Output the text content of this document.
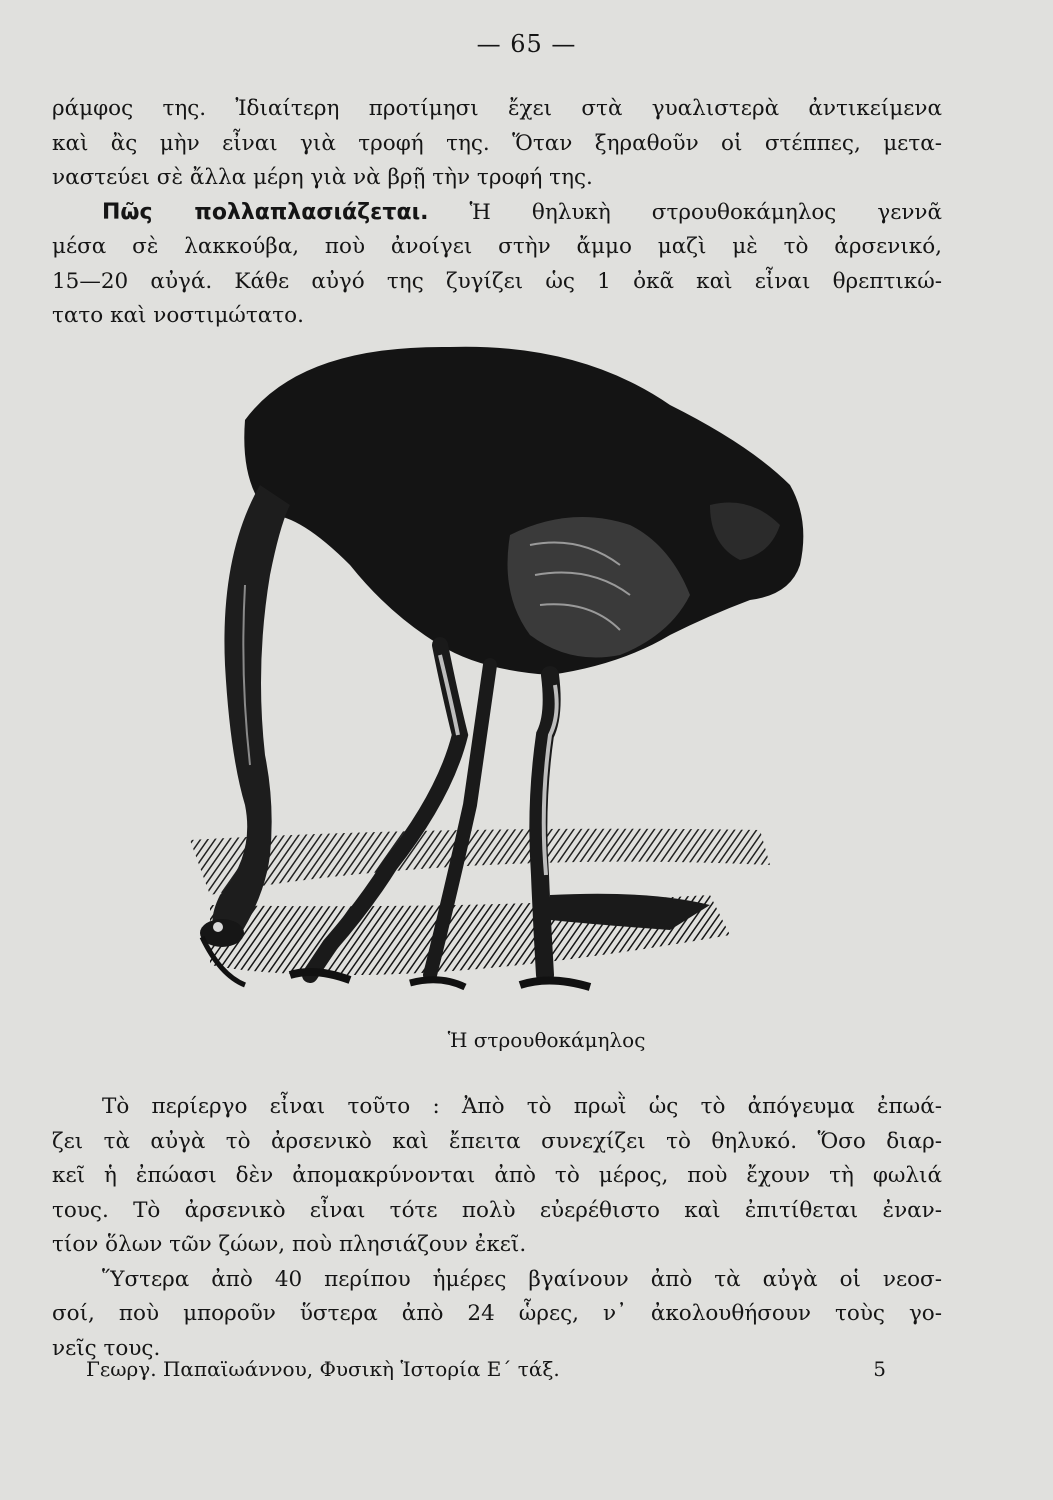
— 65 —
ράμφος της. Ἰδιαίτερη προτίμησι ἔχει στὰ γυαλιστερὰ ἀντικείμενα
καὶ ἂς μὴν εἶναι γιὰ τροφή της. Ὅταν ξηραθοῦν οἱ στέππες, μετα-
ναστεύει σὲ ἄλλα μέρη γιὰ νὰ βρῇ τὴν τροφή της.
Πῶς πολλαπλασιάζεται. Ἡ θηλυκὴ στρουθοκάμηλος γεννᾶ
μέσα σὲ λακκούβα, ποὺ ἀνοίγει στὴν ἄμμο μαζὶ μὲ τὸ ἀρσενικό,
15—20 αὐγά. Κάθε αὐγό της ζυγίζει ὡς 1 ὀκᾶ καὶ εἶναι θρεπτικώ-
τατο καὶ νοστιμώτατο.
Ἡ στρουθοκάμηλος
Τὸ περίεργο εἶναι τοῦτο : Ἀπὸ τὸ πρωῒ ὡς τὸ ἀπόγευμα ἐπωά-
ζει τὰ αὐγὰ τὸ ἀρσενικὸ καὶ ἔπειτα συνεχίζει τὸ θηλυκό. Ὅσο διαρ-
κεῖ ἡ ἐπώασι δὲν ἀπομακρύνονται ἀπὸ τὸ μέρος, ποὺ ἔχουν τὴ φωλιά
τους. Τὸ ἀρσενικὸ εἶναι τότε πολὺ εὐερέθιστο καὶ ἐπιτίθεται ἐναν-
τίον ὅλων τῶν ζώων, ποὺ πλησιάζουν ἐκεῖ.
Ὕστερα ἀπὸ 40 περίπου ἡμέρες βγαίνουν ἀπὸ τὰ αὐγὰ οἱ νεοσ-
σοί, ποὺ μποροῦν ὕστερα ἀπὸ 24 ὧρες, ν᾽ ἀκολουθήσουν τοὺς γο-
νεῖς τους.
Γεωργ. Παπαϊωάννου, Φυσικὴ Ἱστορία Ε΄ τάξ.	5
